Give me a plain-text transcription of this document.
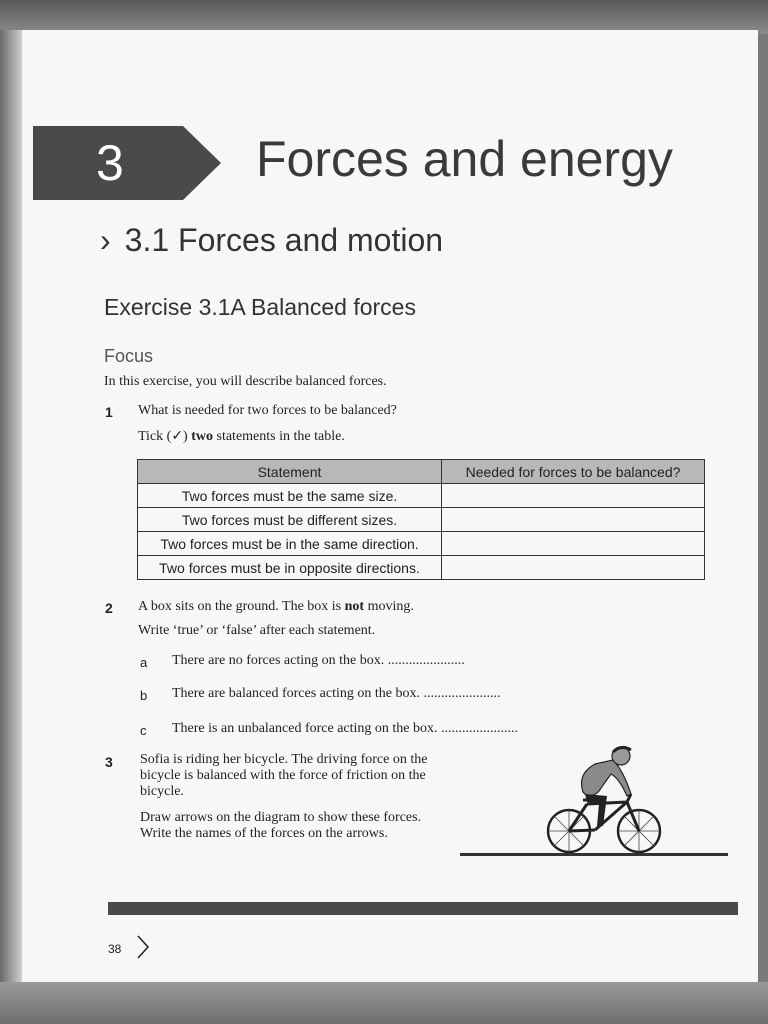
3	Forces and energy
› 3.1 Forces and motion
Exercise 3.1A Balanced forces
Focus
In this exercise, you will describe balanced forces.
1 What is needed for two forces to be balanced?
Tick (✓) two statements in the table.
Statement	Needed for forces to be balanced?
Two forces must be the same size.	
Two forces must be different sizes.	
Two forces must be in the same direction.	
Two forces must be in opposite directions.	
2 A box sits on the ground. The box is not moving.
Write ‘true’ or ‘false’ after each statement.
a There are no forces acting on the box. ......................
b There are balanced forces acting on the box. ......................
c There is an unbalanced force acting on the box. ......................
3 Sofia is riding her bicycle. The driving force on the bicycle is balanced with the force of friction on the bicycle.
Draw arrows on the diagram to show these forces. Write the names of the forces on the arrows.
38
